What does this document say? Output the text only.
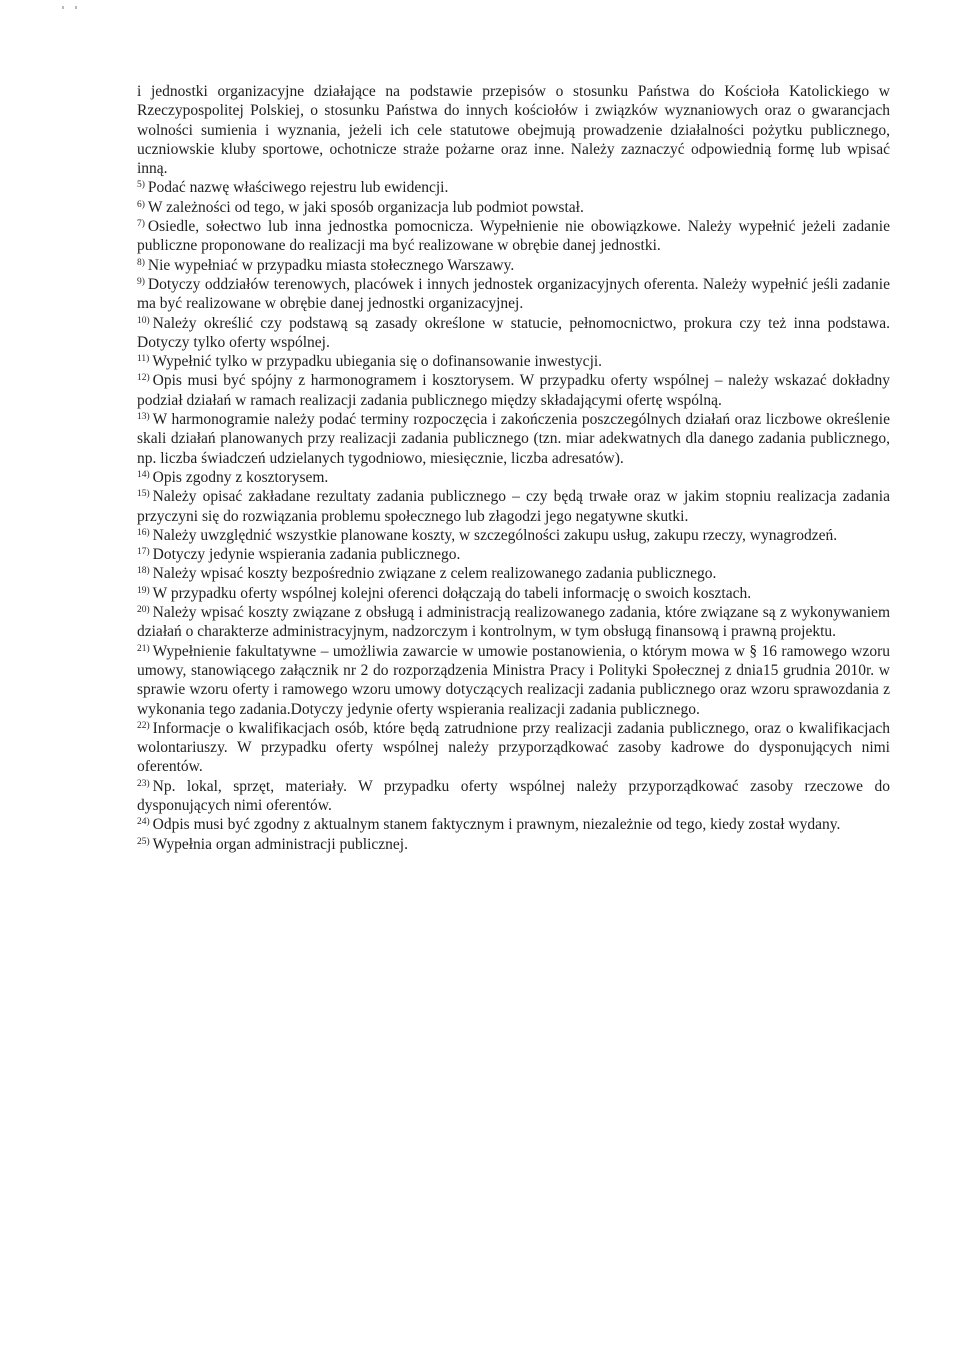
i jednostki organizacyjne działające na podstawie przepisów o stosunku Państwa do Kościoła Katolickiego w Rzeczypospolitej Polskiej, o stosunku Państwa do innych kościołów i związków wyznaniowych oraz o gwarancjach wolności sumienia i wyznania, jeżeli ich cele statutowe obejmują prowadzenie działalności pożytku publicznego, uczniowskie kluby sportowe, ochotnicze straże pożarne oraz inne. Należy zaznaczyć odpowiednią formę lub wpisać inną.

$^{5)}$ Podać nazwę właściwego rejestru lub ewidencji.

$^{6)}$ W zależności od tego, w jaki sposób organizacja lub podmiot powstał.

$^{7)}$ Osiedle, sołectwo lub inna jednostka pomocnicza. Wypełnienie nie obowiązkowe. Należy wypełnić jeżeli zadanie publiczne proponowane do realizacji ma być realizowane w obrębie danej jednostki.

$^{8)}$ Nie wypełniać w przypadku miasta stołecznego Warszawy.

$^{9)}$ Dotyczy oddziałów terenowych, placówek i innych jednostek organizacyjnych oferenta. Należy wypełnić jeśli zadanie ma być realizowane w obrębie danej jednostki organizacyjnej.

$^{10)}$ Należy określić czy podstawą są zasady określone w statucie, pełnomocnictwo, prokura czy też inna podstawa. Dotyczy tylko oferty wspólnej.

$^{11)}$ Wypełnić tylko w przypadku ubiegania się o dofinansowanie inwestycji.

$^{12)}$ Opis musi być spójny z harmonogramem i kosztorysem. W przypadku oferty wspólnej – należy wskazać dokładny podział działań w ramach realizacji zadania publicznego między składającymi ofertę wspólną.

$^{13)}$ W harmonogramie należy podać terminy rozpoczęcia i zakończenia poszczególnych działań oraz liczbowe określenie skali działań planowanych przy realizacji zadania publicznego (tzn. miar adekwatnych dla danego zadania publicznego, np. liczba świadczeń udzielanych tygodniowo, miesięcznie, liczba adresatów).

$^{14)}$ Opis zgodny z kosztorysem.

$^{15)}$ Należy opisać zakładane rezultaty zadania publicznego – czy będą trwałe oraz w jakim stopniu realizacja zadania przyczyni się do rozwiązania problemu społecznego lub złagodzi jego negatywne skutki.

$^{16)}$ Należy uwzględnić wszystkie planowane koszty, w szczególności zakupu usług, zakupu rzeczy, wynagrodzeń.

$^{17)}$ Dotyczy jedynie wspierania zadania publicznego.

$^{18)}$ Należy wpisać koszty bezpośrednio związane z celem realizowanego zadania publicznego.

$^{19)}$ W przypadku oferty wspólnej kolejni oferenci dołączają do tabeli informację o swoich kosztach.

$^{20)}$ Należy wpisać koszty związane z obsługą i administracją realizowanego zadania, które związane są z wykonywaniem działań o charakterze administracyjnym, nadzorczym i kontrolnym, w tym obsługą finansową i prawną projektu.

$^{21)}$ Wypełnienie fakultatywne – umożliwia zawarcie w umowie postanowienia, o którym mowa w § 16 ramowego wzoru umowy, stanowiącego załącznik nr 2 do rozporządzenia Ministra Pracy i Polityki Społecznej z dnia15 grudnia 2010r. w sprawie wzoru oferty i ramowego wzoru umowy dotyczących realizacji zadania publicznego oraz wzoru sprawozdania z wykonania tego zadania.Dotyczy jedynie oferty wspierania realizacji zadania publicznego.

$^{22)}$ Informacje o kwalifikacjach osób, które będą zatrudnione przy realizacji zadania publicznego, oraz o kwalifikacjach wolontariuszy. W przypadku oferty wspólnej należy przyporządkować zasoby kadrowe do dysponujących nimi oferentów.

$^{23)}$ Np. lokal, sprzęt, materiały. W przypadku oferty wspólnej należy przyporządkować zasoby rzeczowe do dysponujących nimi oferentów.

$^{24)}$ Odpis musi być zgodny z aktualnym stanem faktycznym i prawnym, niezależnie od tego, kiedy został wydany.

$^{25)}$ Wypełnia organ administracji publicznej.
